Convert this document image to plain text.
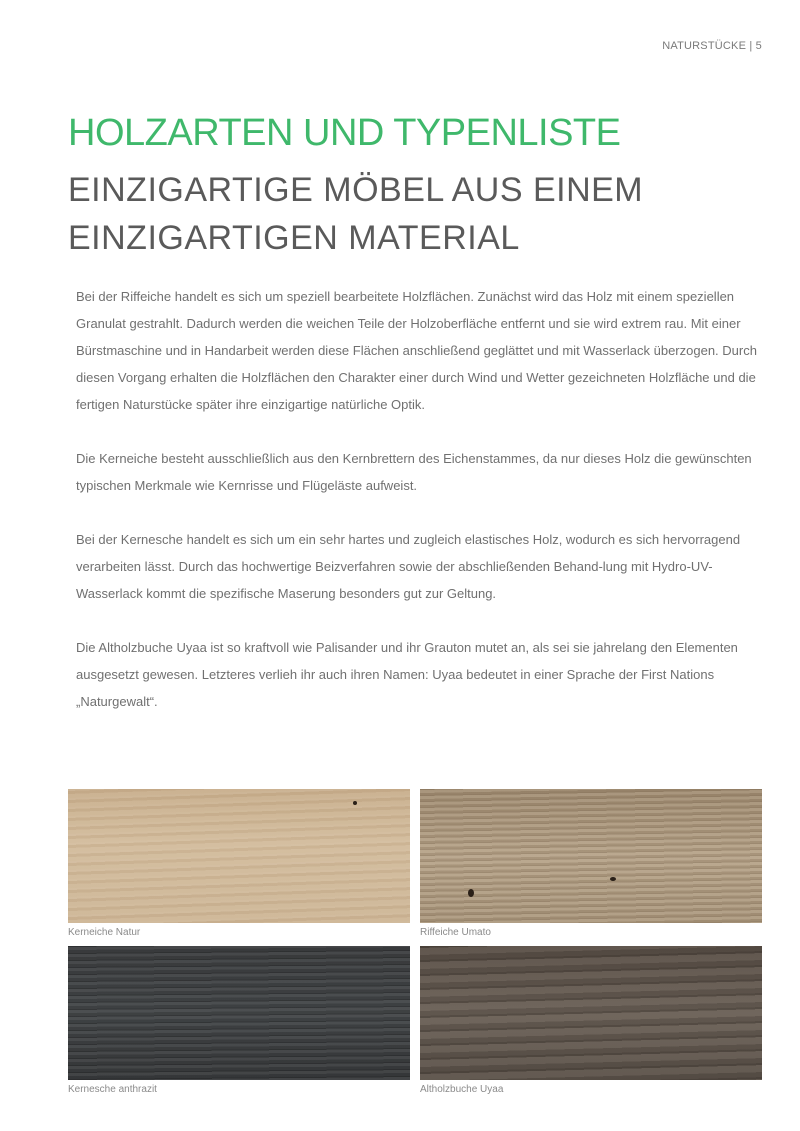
NATURSTÜCKE | 5
HOLZARTEN UND TYPENLISTE
EINZIGARTIGE MÖBEL AUS EINEM
EINZIGARTIGEN MATERIAL

Bei der Riffeiche handelt es sich um speziell bearbeitete Holzflächen. Zunächst wird das Holz mit einem speziellen Granulat gestrahlt. Dadurch werden die weichen Teile der Holzoberfläche entfernt und sie wird extrem rau. Mit einer Bürstmaschine und in Handarbeit werden diese Flächen anschließend geglättet und mit Wasserlack überzogen. Durch diesen Vorgang erhalten die Holzflächen den Charakter einer durch Wind und Wetter gezeichneten Holzfläche und die fertigen Naturstücke später ihre einzigartige natürliche Optik.

Die Kerneiche besteht ausschließlich aus den Kernbrettern des Eichenstammes, da nur dieses Holz die gewünschten typischen Merkmale wie Kernrisse und Flügeläste aufweist.

Bei der Kernesche handelt es sich um ein sehr hartes und zugleich elastisches Holz, wodurch es sich hervorragend verarbeiten lässt. Durch das hochwertige Beizverfahren sowie der abschließenden Behand-lung mit Hydro-UV-Wasserlack kommt die spezifische Maserung besonders gut zur Geltung.

Die Altholzbuche Uyaa ist so kraftvoll wie Palisander und ihr Grauton mutet an, als sei sie jahrelang den Elementen ausgesetzt gewesen. Letzteres verlieh ihr auch ihren Namen: Uyaa bedeutet in einer Sprache der First Nations „Naturgewalt“.

Kerneiche Natur	Riffeiche Umato
Kernesche anthrazit	Altholzbuche Uyaa
